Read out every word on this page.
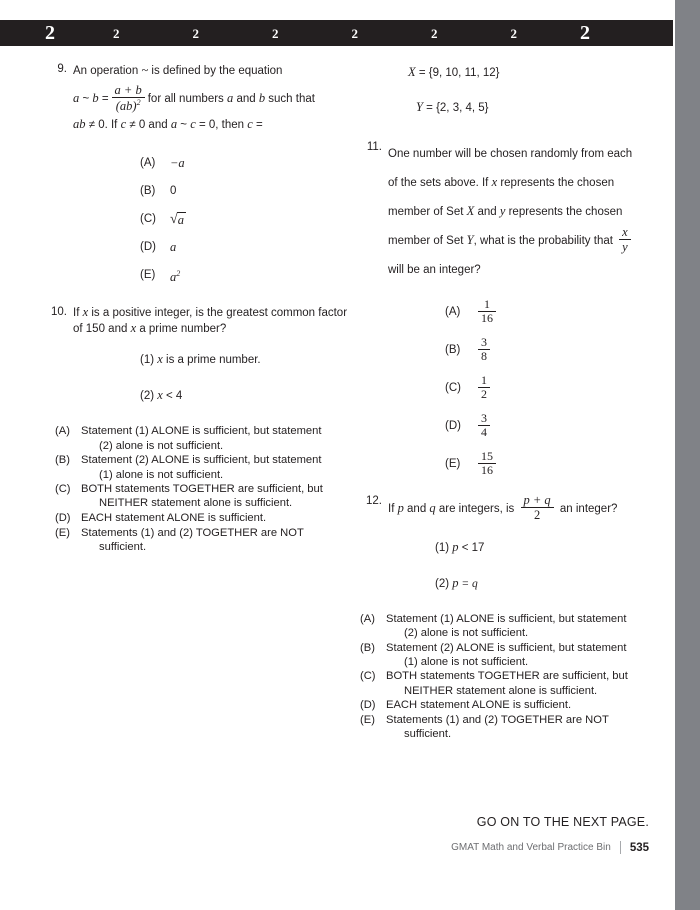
2	2	2	2	2	2	2	2
9. An operation ~ is defined by the equation
a ~ $b = \frac{a + b}{(ab)^2}$ for all numbers a and b such that
ab ≠ 0. If c ≠ 0 and a ~ c = 0, then c =
(A)	−a
(B)	0
(C)	√a
(D)	a
(E)	$a^2$
10. If x is a positive integer, is the greatest common factor of 150 and x a prime number?
(1) x is a prime number.
(2) x < 4
(A) Statement (1) ALONE is sufficient, but statement
(2) alone is not sufficient.
(B) Statement (2) ALONE is sufficient, but statement
(1) alone is not sufficient.
(C) BOTH statements TOGETHER are sufficient, but
NEITHER statement alone is sufficient.
(D) EACH statement ALONE is sufficient.
(E) Statements (1) and (2) TOGETHER are NOT
sufficient.
X = {9, 10, 11, 12}
Y = {2, 3, 4, 5}
11.
One number will be chosen randomly from each
of the sets above. If x represents the chosen
member of Set X and y represents the chosen
member of Set Y, what is the probability that $\frac{x}{y}$
will be an integer?
(A)	$\frac{1}{16}$
(B)	$\frac{3}{8}$
(C)	$\frac{1}{2}$
(D)	$\frac{3}{4}$
(E)	$\frac{15}{16}$
12.
If p and q are integers, is $\frac{p + q}{2}$ an integer?
(1) p < 17
(2) p = q
(A) Statement (1) ALONE is sufficient, but statement
(2) alone is not sufficient.
(B) Statement (2) ALONE is sufficient, but statement
(1) alone is not sufficient.
(C) BOTH statements TOGETHER are sufficient, but
NEITHER statement alone is sufficient.
(D) EACH statement ALONE is sufficient.
(E) Statements (1) and (2) TOGETHER are NOT
sufficient.
GO ON TO THE NEXT PAGE.
GMAT Math and Verbal Practice Bin 535
